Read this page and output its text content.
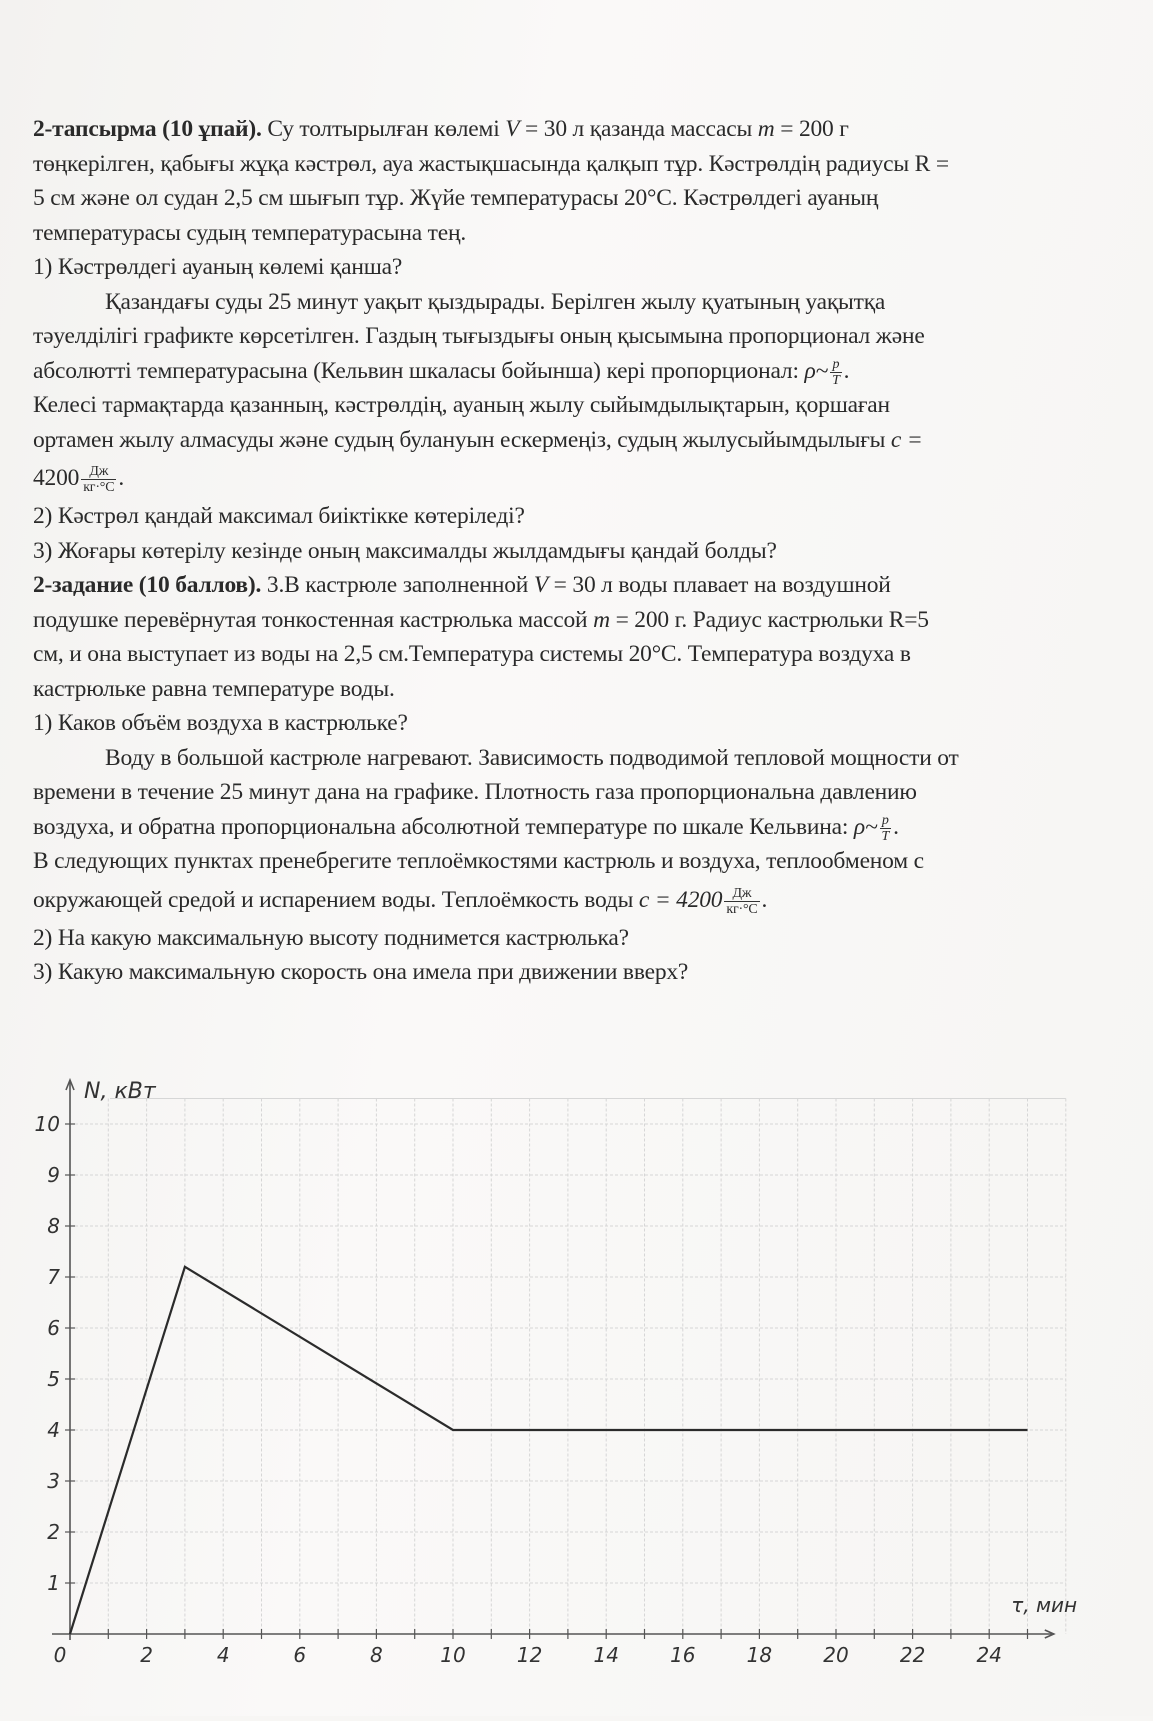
2-тапсырма (10 ұпай). Су толтырылған көлемі V = 30 л қазанда массасы m = 200 г
төңкерілген, қабығы жұқа кәстрөл, ауа жастықшасында қалқып тұр. Кәстрөлдің радиусы R =
5 см және ол судан 2,5 см шығып тұр. Жүйе температурасы 20°C. Кәстрөлдегі ауаның
температурасы судың температурасына тең.
1) Кәстрөлдегі ауаның көлемі қанша?
Қазандағы суды 25 минут уақыт қыздырады. Берілген жылу қуатының уақытқа
тәуелділігі графикте көрсетілген. Газдың тығыздығы оның қысымына пропорционал және
абсолютті температурасына (Кельвин шкаласы бойынша) кері пропорционал: ρ~ $\frac{p}{T}$ .
Келесі тармақтарда қазанның, кәстрөлдің, ауаның жылу сыйымдылықтарын, қоршаған
ортамен жылу алмасуды және судың булануын ескермеңіз, судың жылусыйымдылығы c =
$4200 \frac{Дж}{кг\cdot^\circ C}$ .
2) Кәстрөл қандай максимал биіктікке көтеріледі?
3) Жоғары көтерілу кезінде оның максималды жылдамдығы қандай болды?
2-задание (10 баллов). 3.В кастрюле заполненной V = 30 л воды плавает на воздушной
подушке перевёрнутая тонкостенная кастрюлька массой m = 200 г. Радиус кастрюльки R=5
см, и она выступает из воды на 2,5 см.Температура системы 20°C. Температура воздуха в
кастрюльке равна температуре воды.
1) Каков объём воздуха в кастрюльке?
Воду в большой кастрюле нагревают. Зависимость подводимой тепловой мощности от
времени в течение 25 минут дана на графике. Плотность газа пропорциональна давлению
воздуха, и обратна пропорциональна абсолютной температуре по шкале Кельвина: ρ~ $\frac{p}{T}$ .
В следующих пунктах пренебрегите теплоёмкостями кастрюль и воздуха, теплообменом с
окружающей средой и испарением воды. Теплоёмкость воды $c = 4200 \frac{Дж}{кг\cdot^\circ C}$ .
2) На какую максимальную высоту поднимется кастрюлька?
3) Какую максимальную скорость она имела при движении вверх?
0	2	4	6	8	10	12	14	16	18	20	22	24
1
2
3
4
5
6
7
8
9
10
N, кВт
τ, мин
